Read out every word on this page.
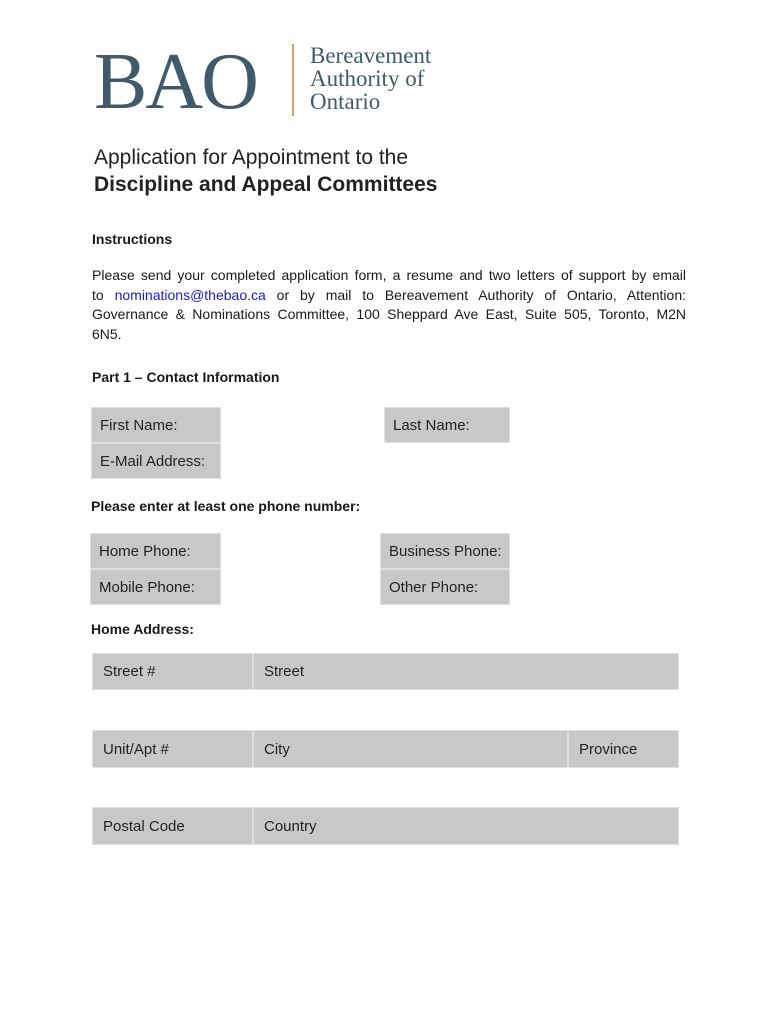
BAO Bereavement
Authority of
Ontario
Application for Appointment to the
Discipline and Appeal Committees
Instructions
Please send your completed application form, a resume and two letters of support by email to nominations@thebao.ca or by mail to Bereavement Authority of Ontario, Attention: Governance & Nominations Committee, 100 Sheppard Ave East, Suite 505, Toronto, M2N 6N5.
Part 1 – Contact Information
First Name:	Last Name:
E-Mail Address:
Please enter at least one phone number:
Home Phone:	Business Phone:
Mobile Phone:	Other Phone:
Home Address:
Street #	Street
Unit/Apt #	City	Province
Postal Code	Country
